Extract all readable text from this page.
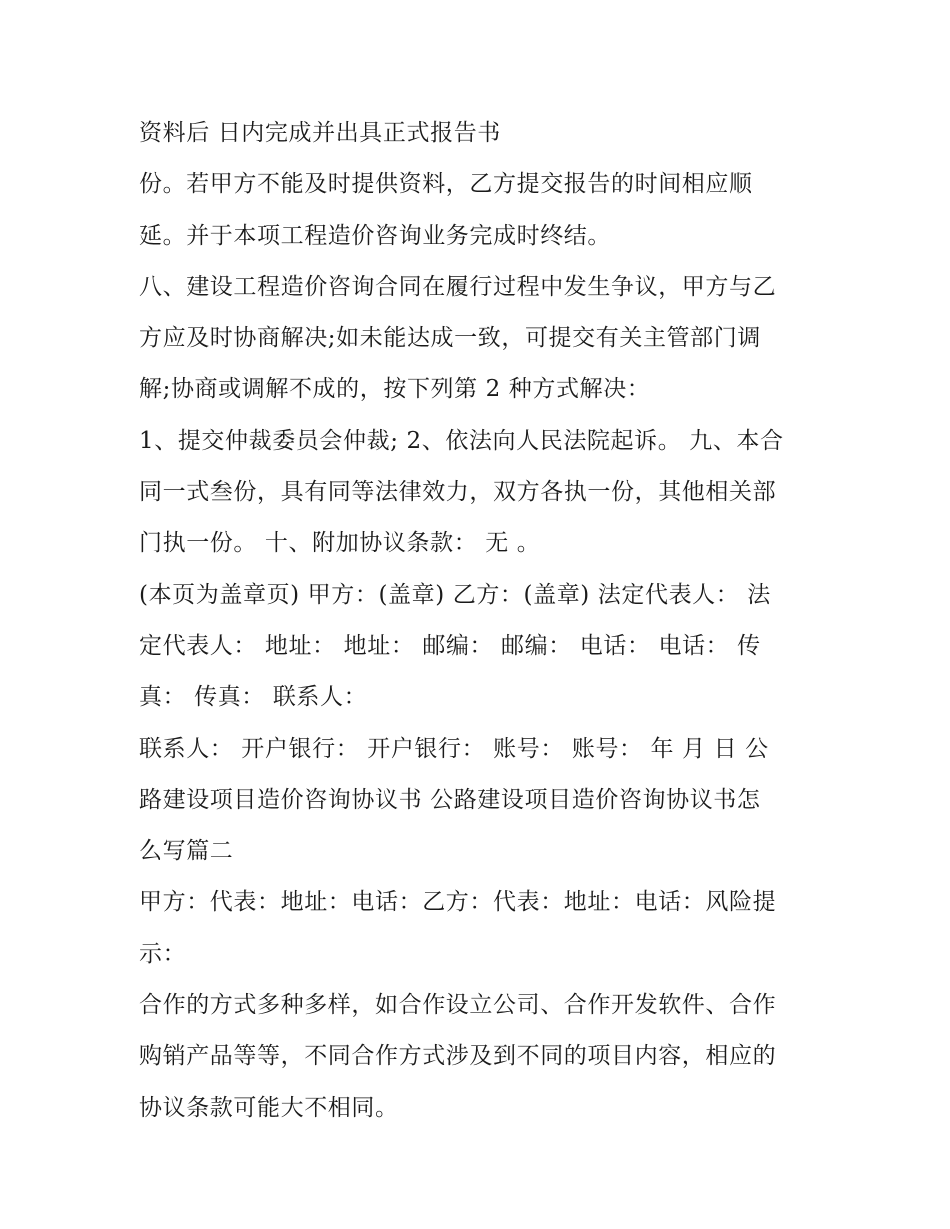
资料后 日内完成并出具正式报告书
份。若甲方不能及时提供资料，乙方提交报告的时间相应顺
延。并于本项工程造价咨询业务完成时终结。
八、建设工程造价咨询合同在履行过程中发生争议，甲方与乙
方应及时协商解决;如未能达成一致，可提交有关主管部门调
解;协商或调解不成的，按下列第 2 种方式解决：
1、提交仲裁委员会仲裁; 2、依法向人民法院起诉。 九、本合
同一式叁份，具有同等法律效力，双方各执一份，其他相关部
门执一份。 十、附加协议条款： 无 。
(本页为盖章页) 甲方：(盖章) 乙方：(盖章) 法定代表人： 法
定代表人： 地址： 地址： 邮编： 邮编： 电话： 电话： 传
真： 传真： 联系人：
联系人： 开户银行： 开户银行： 账号： 账号： 年 月 日 公
路建设项目造价咨询协议书 公路建设项目造价咨询协议书怎
么写篇二
甲方：代表：地址：电话：乙方：代表：地址：电话：风险提
示：
合作的方式多种多样，如合作设立公司、合作开发软件、合作
购销产品等等，不同合作方式涉及到不同的项目内容，相应的
协议条款可能大不相同。
